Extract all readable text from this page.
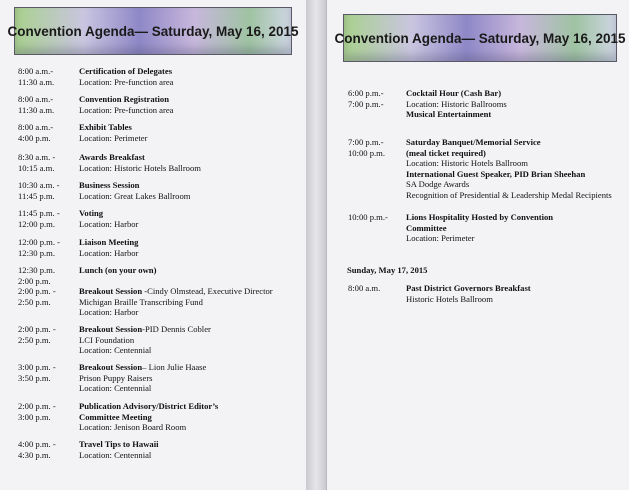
Convention Agenda— Saturday, May 16, 2015
8:00 a.m.-
11:30 a.m.
Certification of Delegates
Location: Pre-function area
8:00 a.m.-
11:30 a.m.
Convention Registration
Location: Pre-function area
8:00 a.m.-
4:00 p.m.
Exhibit Tables
Location: Perimeter
8:30 a.m. -
10:15 a.m.
Awards Breakfast
Location: Historic Hotels Ballroom
10:30 a.m. -
11:45 p.m.
Business Session
Location: Great Lakes Ballroom
11:45 p.m. -
12:00 p.m.
Voting
Location: Harbor
12:00 p.m. -
12:30 p.m.
Liaison Meeting
Location: Harbor
12:30 p.m.
2:00 p.m.
Lunch (on your own)
2:00 p.m. -
2:50 p.m.
Breakout Session -Cindy Olmstead, Executive Director
Michigan Braille Transcribing Fund
Location: Harbor
2:00 p.m. -
2:50 p.m.
Breakout Session-PID Dennis Cobler
LCI Foundation
Location: Centennial
3:00 p.m. -
3:50 p.m.
Breakout Session– Lion Julie Haase
Prison Puppy Raisers
Location: Centennial
2:00 p.m. -
3:00 p.m.
Publication Advisory/District Editor’s
Committee Meeting
Location: Jenison Board Room
4:00 p.m. -
4:30 p.m.
Travel Tips to Hawaii
Location: Centennial
Convention Agenda— Saturday, May 16, 2015
6:00 p.m.-
7:00 p.m.-
Cocktail Hour (Cash Bar)
Location: Historic Ballrooms
Musical Entertainment
7:00 p.m.-
10:00 p.m.
Saturday Banquet/Memorial Service
(meal ticket required)
Location: Historic Hotels Ballroom
International Guest Speaker, PID Brian Sheehan
SA Dodge Awards
Recognition of Presidential & Leadership Medal Recipients
10:00 p.m.-	Lions Hospitality Hosted by Convention
Committee
Location: Perimeter
Sunday, May 17, 2015
8:00 a.m.	Past District Governors Breakfast
Historic Hotels Ballroom
